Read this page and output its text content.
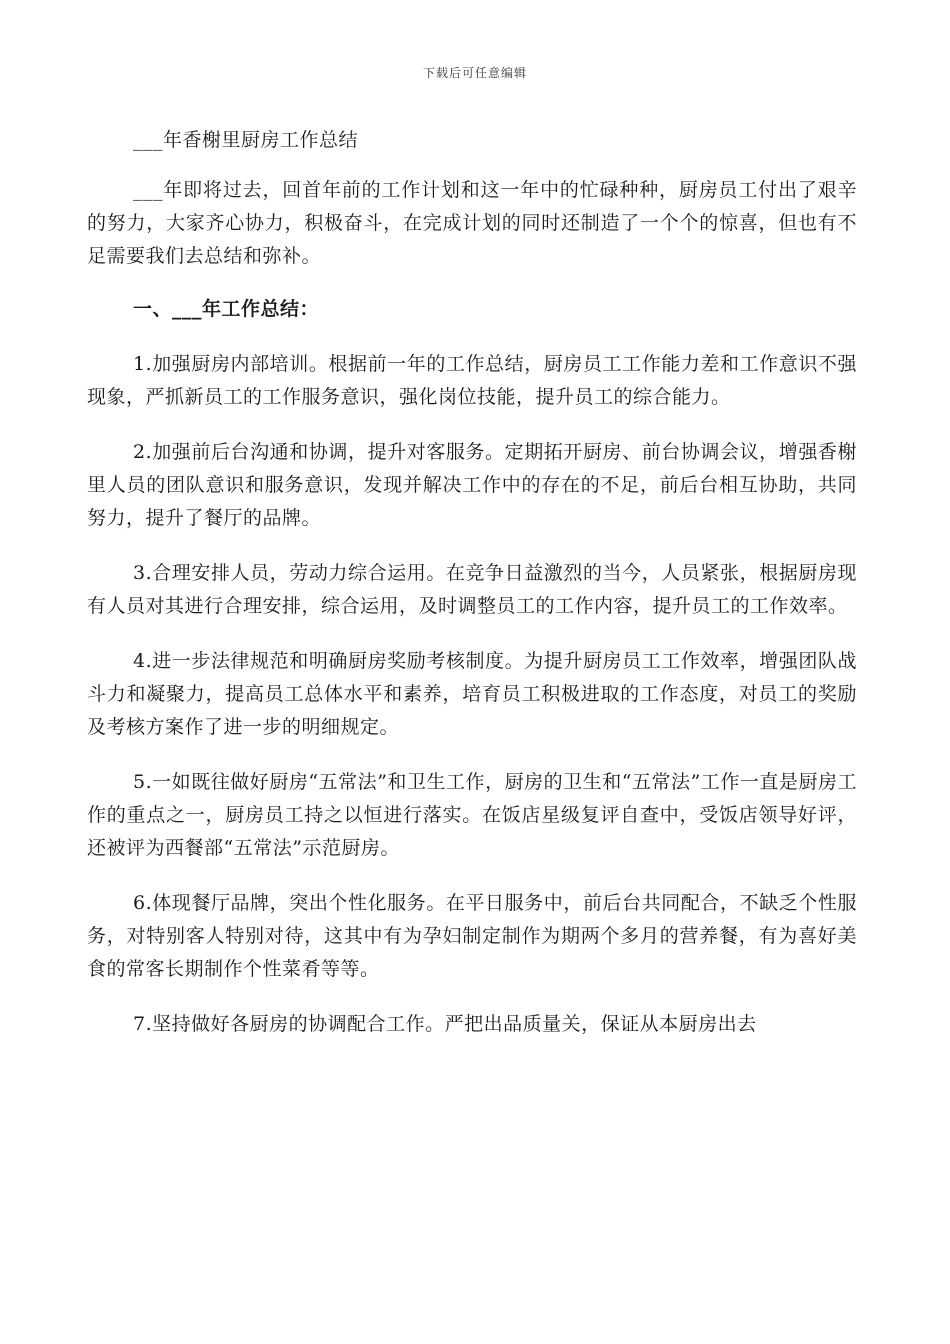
下载后可任意编辑

___年香榭里厨房工作总结

___年即将过去，回首年前的工作计划和这一年中的忙碌种种，厨房员工付出了艰辛的努力，大家齐心协力，积极奋斗，在完成计划的同时还制造了一个个的惊喜，但也有不足需要我们去总结和弥补。

一、___年工作总结：

1.加强厨房内部培训。根据前一年的工作总结，厨房员工工作能力差和工作意识不强现象，严抓新员工的工作服务意识，强化岗位技能，提升员工的综合能力。

2.加强前后台沟通和协调，提升对客服务。定期拓开厨房、前台协调会议，增强香榭里人员的团队意识和服务意识，发现并解决工作中的存在的不足，前后台相互协助，共同努力，提升了餐厅的品牌。

3.合理安排人员，劳动力综合运用。在竞争日益激烈的当今，人员紧张，根据厨房现有人员对其进行合理安排，综合运用，及时调整员工的工作内容，提升员工的工作效率。

4.进一步法律规范和明确厨房奖励考核制度。为提升厨房员工工作效率，增强团队战斗力和凝聚力，提高员工总体水平和素养，培育员工积极进取的工作态度，对员工的奖励及考核方案作了进一步的明细规定。

5.一如既往做好厨房“五常法”和卫生工作，厨房的卫生和“五常法”工作一直是厨房工作的重点之一，厨房员工持之以恒进行落实。在饭店星级复评自查中，受饭店领导好评，还被评为西餐部“五常法”示范厨房。

6.体现餐厅品牌，突出个性化服务。在平日服务中，前后台共同配合，不缺乏个性服务，对特别客人特别对待，这其中有为孕妇制定制作为期两个多月的营养餐，有为喜好美食的常客长期制作个性菜肴等等。

7.坚持做好各厨房的协调配合工作。严把出品质量关，保证从本厨房出去
